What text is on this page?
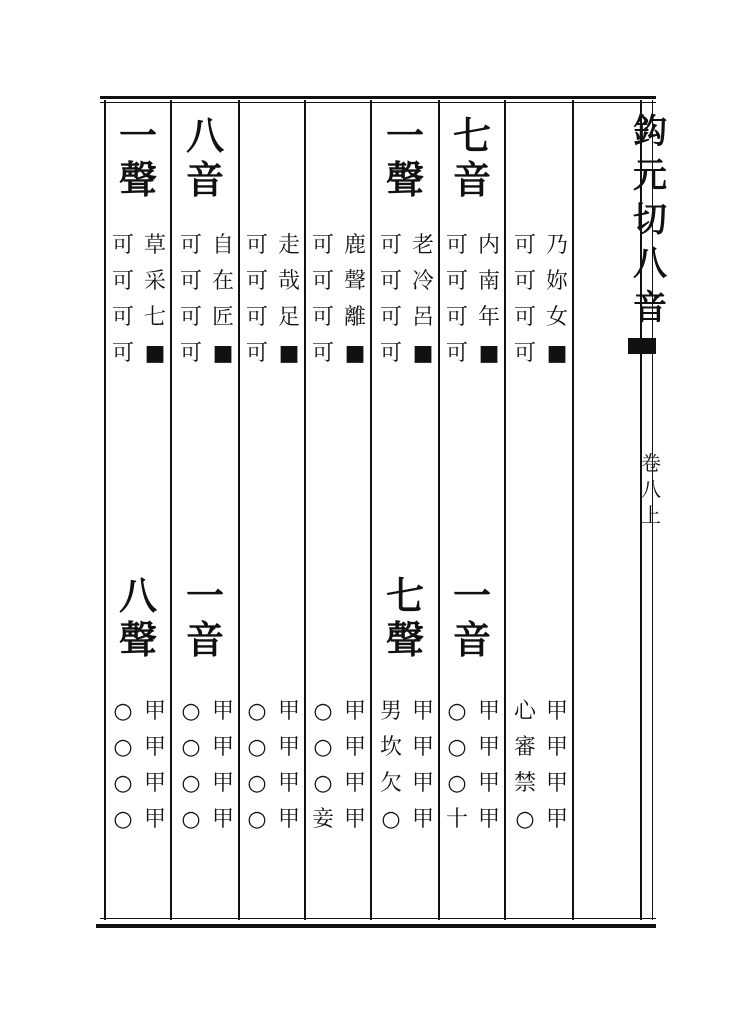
鈎
元
切
八
音
卷
八
上
一
聲
草
采
七
■
可
可
可
可
八
聲
甲
甲
甲
甲
○
○
○
○
八
音
自
在
匠
■
可
可
可
可
一
音
甲
甲
甲
甲
○
○
○
○
走
哉
足
■
可
可
可
可
甲
甲
甲
甲
○
○
○
○
鹿
聲
離
■
可
可
可
可
甲
甲
甲
甲
○
○
○
妾
一
聲
老
冷
呂
■
可
可
可
可
七
聲
甲
甲
甲
甲
男
坎
欠
○
七
音
内
南
年
■
可
可
可
可
一
音
甲
甲
甲
甲
○
○
○
十
乃
妳
女
■
可
可
可
可
甲
甲
甲
甲
心
審
禁
○
